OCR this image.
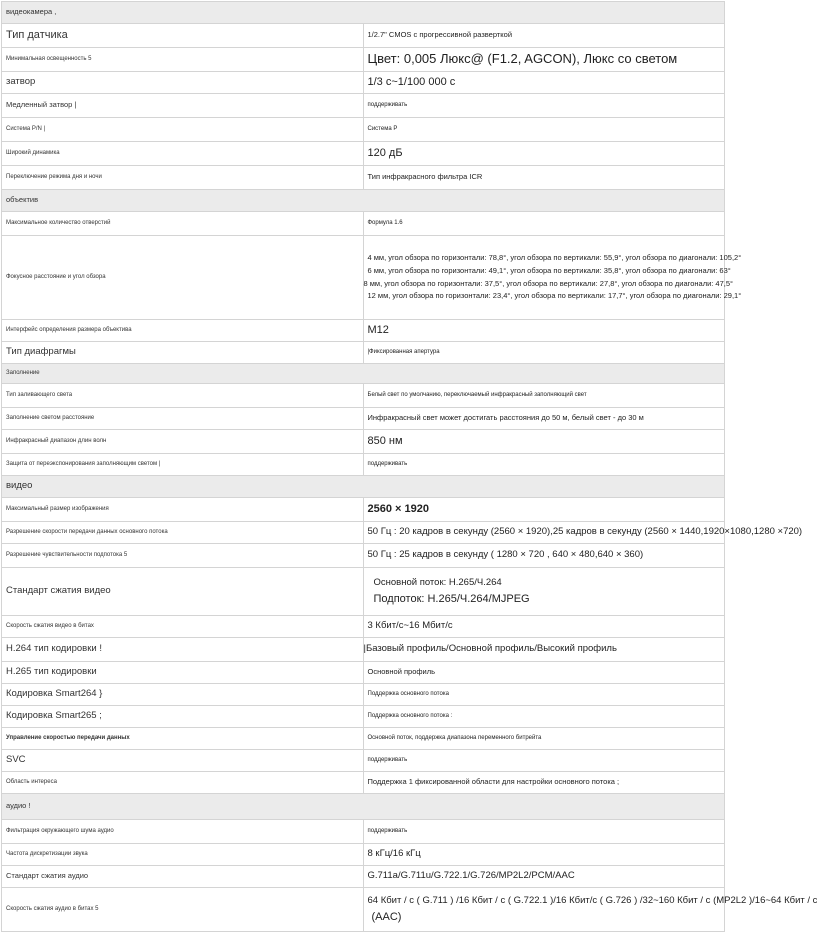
видеокамера ,	
Тип датчика	1/2.7" CMOS с прогрессивной разверткой
Минимальная освещенность 5	Цвет: 0,005 Люкс@ (F1.2, AGCON), Люкс со светом
затвор	1/3 с~1/100 000 с
Медленный затвор |	поддерживать
Система P/N |	Система P
Широкий динамика	120 дБ
Переключение режима дня и ночи	Тип инфракрасного фильтра ICR
объектив	
Максимальное количество отверстий	Формула 1.6
Фокусное расстояние и угол обзора	4 мм, угол обзора по горизонтали: 78,8°, угол обзора по вертикали: 55,9°, угол обзора по диагонали: 105,2°
6 мм, угол обзора по горизонтали: 49,1°, угол обзора по вертикали: 35,8°, угол обзора по диагонали: 63°
8 мм, угол обзора по горизонтали: 37,5°, угол обзора по вертикали: 27,8°, угол обзора по диагонали: 47,5°
12 мм, угол обзора по горизонтали: 23,4°, угол обзора по вертикали: 17,7°, угол обзора по диагонали: 29,1°

Интерфейс определения размера объектива	M12
Тип диафрагмы	|Фиксированная апертура
Заполнение	
Тип заливающего света	Белый свет по умолчанию, переключаемый инфракрасный заполняющий свет
Заполнение светом расстояние	Инфракрасный свет может достигать расстояния до 50 м, белый свет - до 30 м
Инфракрасный диапазон длин волн	850 нм
Защита от переэкспонирования заполняющим светом |	поддерживать
видео	
Максимальный размер изображения	2560 × 1920
Разрешение скорости передачи данных основного потока	50 Гц : 20 кадров в секунду (2560 × 1920),25 кадров в секунду (2560 × 1440,1920×1080,1280 ×720)
Разрешение чувствительности подпотока 5	50 Гц : 25 кадров в секунду ( 1280 × 720 , 640 × 480,640 × 360)
Стандарт сжатия видео	Основной поток: H.265/Ч.264
Подпоток: H.265/Ч.264/MJPEG

Скорость сжатия видео в битах	3 Кбит/с~16 Мбит/с
H.264 тип кодировки !	|Базовый профиль/Основной профиль/Высокий профиль
H.265 тип кодировки	Основной профиль
Кодировка Smart264 }	Поддержка основного потока
Кодировка Smart265 ;	Поддержка основного потока :
Управление скоростью передачи данных	Основной поток, поддержка диапазона переменного битрейта
SVC	поддерживать
Область интереса	Поддержка 1 фиксированной области для настройки основного потока ;
аудио !	
Фильтрация окружающего шума аудио	поддерживать
Частота дискретизации звука	8 кГц/16 кГц
Стандарт сжатия аудио	G.711a/G.711u/G.722.1/G.726/MP2L2/PCM/AAC
Скорость сжатия аудио в битах 5	64 Кбит / с ( G.711 ) /16 Кбит / с ( G.722.1 )/16 Кбит/с ( G.726 ) /32~160 Кбит / с (MP2L2 )/16~64 Кбит / с
(AAC)
